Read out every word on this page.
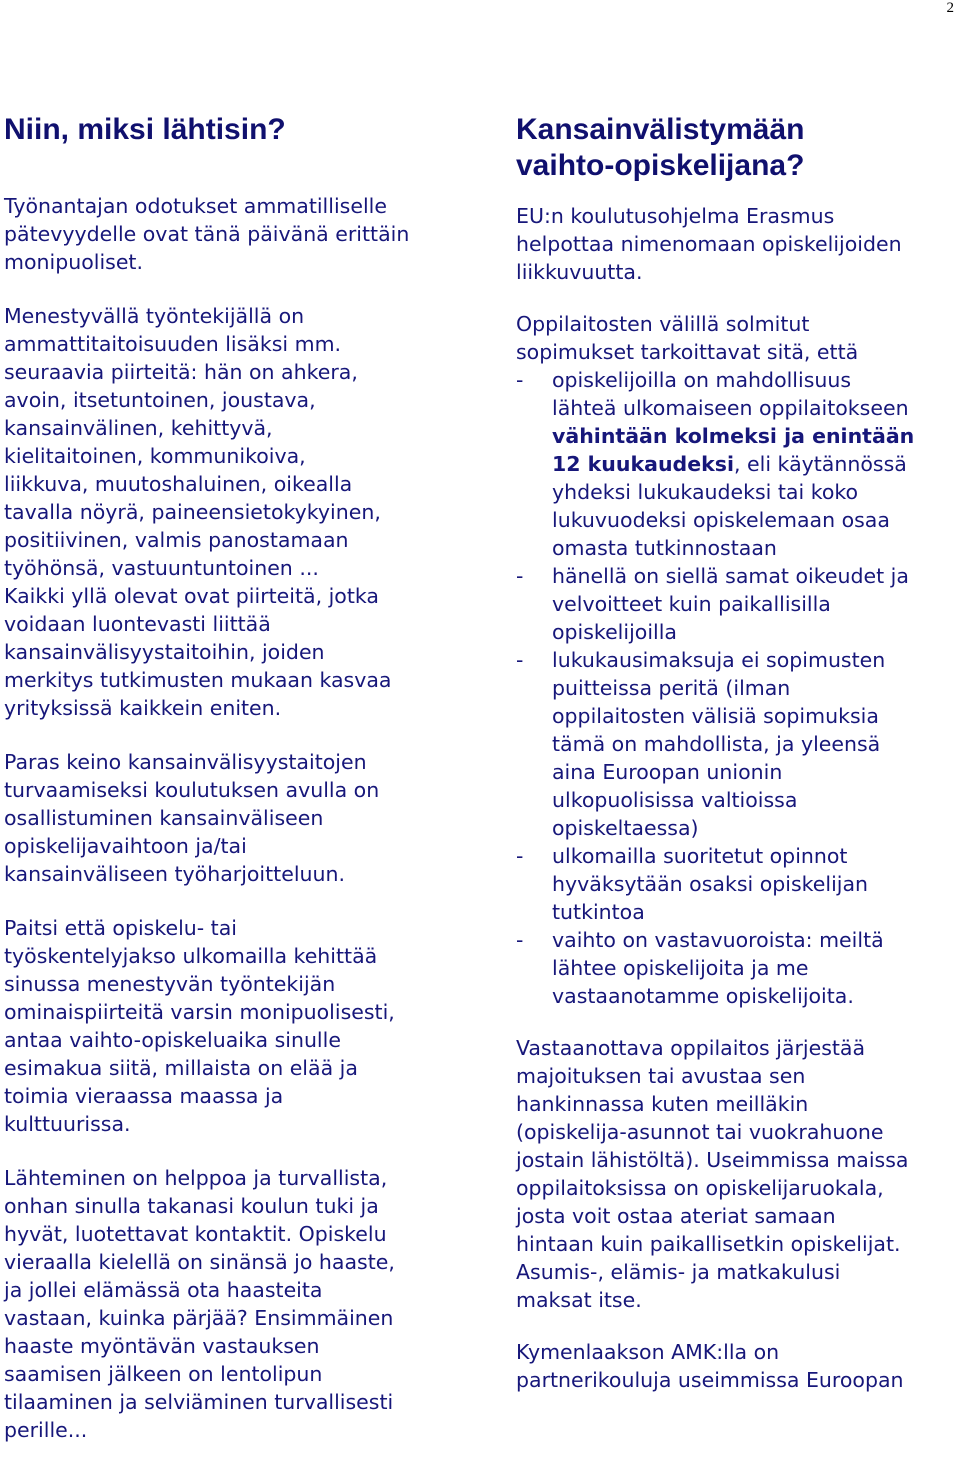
2
Niin, miksi lähtisin?

Työnantajan odotukset ammatilliselle
pätevyydelle ovat tänä päivänä erittäin
monipuoliset.

Menestyvällä työntekijällä on
ammattitaitoisuuden lisäksi mm.
seuraavia piirteitä: hän on ahkera,
avoin, itsetuntoinen, joustava,
kansainvälinen, kehittyvä,
kielitaitoinen, kommunikoiva,
liikkuva, muutoshaluinen, oikealla
tavalla nöyrä, paineensietokykyinen,
positiivinen, valmis panostamaan
työhönsä, vastuuntuntoinen ...
Kaikki yllä olevat ovat piirteitä, jotka
voidaan luontevasti liittää
kansainvälisyystaitoihin, joiden
merkitys tutkimusten mukaan kasvaa
yrityksissä kaikkein eniten.

Paras keino kansainvälisyystaitojen
turvaamiseksi koulutuksen avulla on
osallistuminen kansainväliseen
opiskelijavaihtoon ja/tai
kansainväliseen työharjoitteluun.

Paitsi että opiskelu- tai
työskentelyjakso ulkomailla kehittää
sinussa menestyvän työntekijän
ominaispiirteitä varsin monipuolisesti,
antaa vaihto-opiskeluaika sinulle
esimakua siitä, millaista on elää ja
toimia vieraassa maassa ja
kulttuurissa.

Lähteminen on helppoa ja turvallista,
onhan sinulla takanasi koulun tuki ja
hyvät, luotettavat kontaktit. Opiskelu
vieraalla kielellä on sinänsä jo haaste,
ja jollei elämässä ota haasteita
vastaan, kuinka pärjää? Ensimmäinen
haaste myöntävän vastauksen
saamisen jälkeen on lentolipun
tilaaminen ja selviäminen turvallisesti
perille...

Kansainvälistymään
vaihto-opiskelijana?

EU:n koulutusohjelma Erasmus
helpottaa nimenomaan opiskelijoiden
liikkuvuutta.

Oppilaitosten välillä solmitut
sopimukset tarkoittavat sitä, että

- opiskelijoilla on mahdollisuus
lähteä ulkomaiseen oppilaitokseen
vähintään kolmeksi ja enintään
12 kuukaudeksi, eli käytännössä
yhdeksi lukukaudeksi tai koko
lukuvuodeksi opiskelemaan osaa
omasta tutkinnostaan
- hänellä on siellä samat oikeudet ja
velvoitteet kuin paikallisilla
opiskelijoilla
- lukukausimaksuja ei sopimusten
puitteissa peritä (ilman
oppilaitosten välisiä sopimuksia
tämä on mahdollista, ja yleensä
aina Euroopan unionin
ulkopuolisissa valtioissa
opiskeltaessa)
- ulkomailla suoritetut opinnot
hyväksytään osaksi opiskelijan
tutkintoa
- vaihto on vastavuoroista: meiltä
lähtee opiskelijoita ja me
vastaanotamme opiskelijoita.

Vastaanottava oppilaitos järjestää
majoituksen tai avustaa sen
hankinnassa kuten meilläkin
(opiskelija-asunnot tai vuokrahuone
jostain lähistöltä). Useimmissa maissa
oppilaitoksissa on opiskelijaruokala,
josta voit ostaa ateriat samaan
hintaan kuin paikallisetkin opiskelijat.
Asumis-, elämis- ja matkakulusi
maksat itse.

Kymenlaakson AMK:lla on
partnerikouluja useimmissa Euroopan
